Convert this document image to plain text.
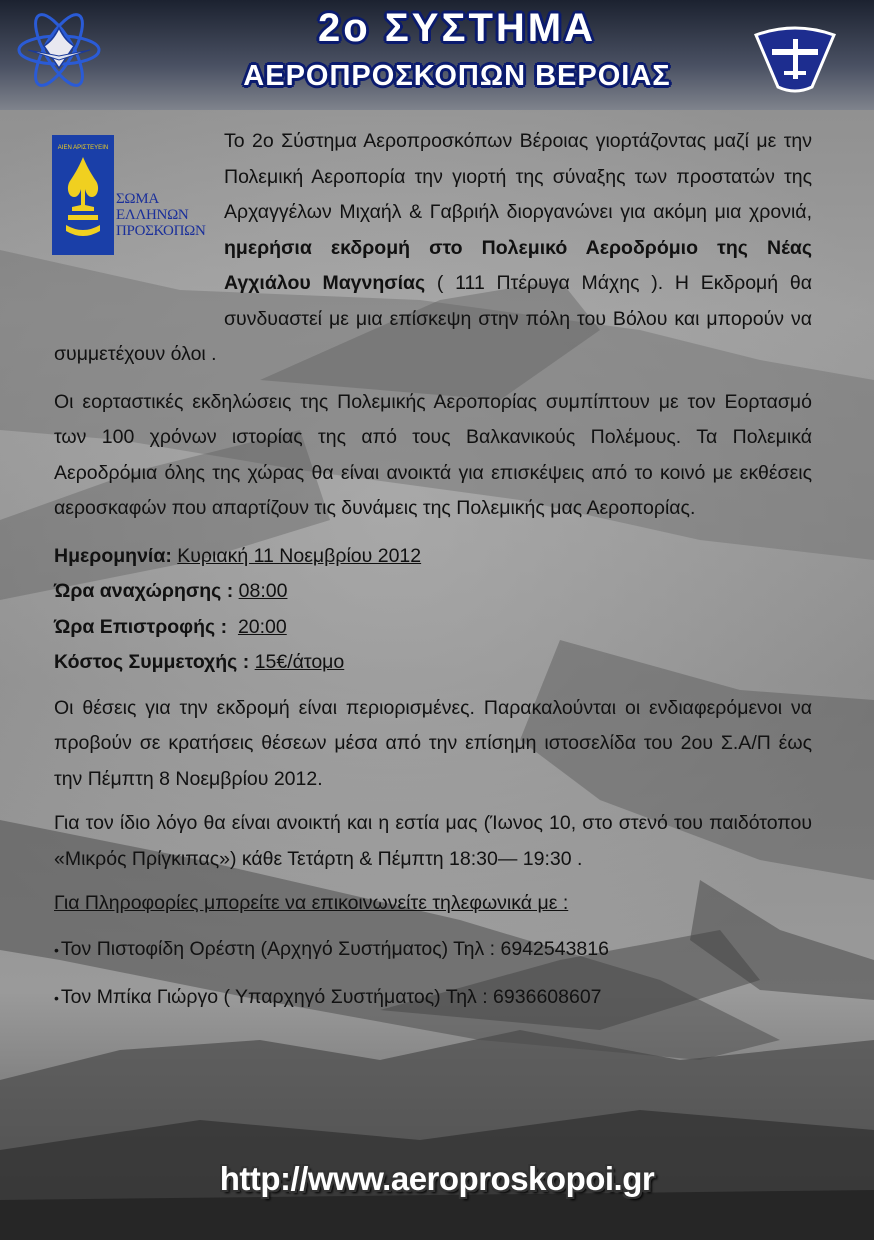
2ο ΣΥΣΤΗΜΑ
ΑΕΡΟΠΡΟΣΚΟΠΩΝ ΒΕΡΟΙΑΣ
ΑΙΕΝ ΑΡΙΣΤΕΥΕΙΝ
ΣΩΜΑ
ΕΛΛΗΝΩΝ
ΠΡΟΣΚΟΠΩΝ

Το 2ο Σύστημα Αεροπροσκόπων Βέροιας γιορτάζοντας μαζί με την Πολεμική Αεροπορία την γιορτή της σύναξης των προστατών της Αρχαγγέλων Μιχαήλ & Γαβριήλ διοργανώνει για ακόμη μια χρονιά, ημερήσια εκδρομή στο Πολεμικό Αεροδρόμιο της Νέας Αγχιάλου Μαγνησίας ( 111 Πτέρυγα Μάχης ). Η Εκδρομή θα συνδυαστεί με μια επίσκεψη στην πόλη του Βόλου και μπορούν να συμμετέχουν όλοι .

Οι εορταστικές εκδηλώσεις της Πολεμικής Αεροπορίας συμπίπτουν με τον Εορτασμό των 100 χρόνων ιστορίας της από τους Βαλκανικούς Πολέμους. Τα Πολεμικά Αεροδρόμια όλης της χώρας θα είναι ανοικτά για επισκέψεις από το κοινό με εκθέσεις αεροσκαφών που απαρτίζουν τις δυνάμεις της Πολεμικής μας Αεροπορίας.

Ημερομηνία: Κυριακή 11 Νοεμβρίου 2012
Ώρα αναχώρησης : 08:00
Ώρα Επιστροφής : 20:00
Κόστος Συμμετοχής : 15€/άτομο

Οι θέσεις για την εκδρομή είναι περιορισμένες. Παρακαλούνται οι ενδιαφερόμενοι να προβούν σε κρατήσεις θέσεων μέσα από την επίσημη ιστοσελίδα του 2ου Σ.Α/Π έως την Πέμπτη 8 Νοεμβρίου 2012.

Για τον ίδιο λόγο θα είναι ανοικτή και η εστία μας (Ίωνος 10, στο στενό του παιδότοπου «Μικρός Πρίγκιπας») κάθε Τετάρτη & Πέμπτη 18:30— 19:30 .

Για Πληροφορίες μπορείτε να επικοινωνείτε τηλεφωνικά με :
• Τον Πιστοφίδη Ορέστη (Αρχηγό Συστήματος) Τηλ : 6942543816
• Τον Μπίκα Γιώργο ( Υπαρχηγό Συστήματος) Τηλ : 6936608607
http://www.aeroproskopoi.gr
